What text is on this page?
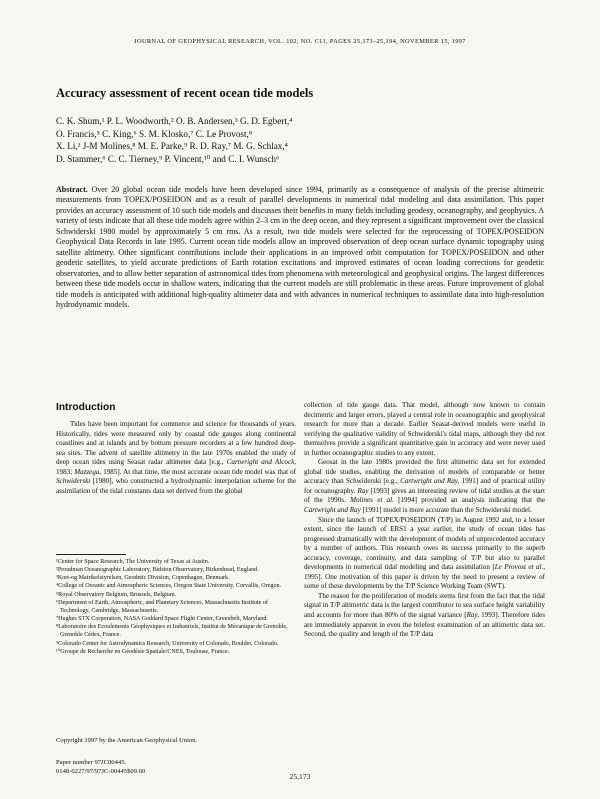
JOURNAL OF GEOPHYSICAL RESEARCH, VOL. 102, NO. C11, PAGES 25,173–25,194, NOVEMBER 15, 1997
Accuracy assessment of recent ocean tide models
C. K. Shum,¹ P. L. Woodworth,² O. B. Andersen,³ G. D. Egbert,⁴
O. Francis,⁵ C. King,⁶ S. M. Klosko,⁷ C. Le Provost,⁸
X. Li,¹ J-M Molines,⁸ M. E. Parke,⁹ R. D. Ray,⁷ M. G. Schlax,⁴
D. Stammer,⁶ C. C. Tierney,⁹ P. Vincent,¹⁰ and C. I. Wunsch⁶
Abstract. Over 20 global ocean tide models have been developed since 1994, primarily as a consequence of analysis of the precise altimetric measurements from TOPEX/POSEIDON and as a result of parallel developments in numerical tidal modeling and data assimilation. This paper provides an accuracy assessment of 10 such tide models and discusses their benefits in many fields including geodesy, oceanography, and geophysics. A variety of tests indicate that all these tide models agree within 2–3 cm in the deep ocean, and they represent a significant improvement over the classical Schwiderski 1980 model by approximately 5 cm rms. As a result, two tide models were selected for the reprocessing of TOPEX/POSEIDON Geophysical Data Records in late 1995. Current ocean tide models allow an improved observation of deep ocean surface dynamic topography using satellite altimetry. Other significant contributions include their applications in an improved orbit computation for TOPEX/POSEIDON and other geodetic satellites, to yield accurate predictions of Earth rotation excitations and improved estimates of ocean loading corrections for geodetic observatories, and to allow better separation of astronomical tides from phenomena with meteorological and geophysical origins. The largest differences between these tide models occur in shallow waters, indicating that the current models are still problematic in these areas. Future improvement of global tide models is anticipated with additional high-quality altimeter data and with advances in numerical techniques to assimilate data into high-resolution hydrodynamic models.
Introduction

Tides have been important for commerce and science for thousands of years. Historically, tides were measured only by coastal tide gauges along continental coastlines and at islands and by bottom pressure recorders at a few hundred deep-sea sites. The advent of satellite altimetry in the late 1970s enabled the study of deep ocean tides using Seasat radar altimeter data [e.g., Cartwright and Alcock, 1983; Mazzega, 1985]. At that time, the most accurate ocean tide model was that of Schwiderski [1980], who constructed a hydrodynamic interpolation scheme for the assimilation of the tidal constants data set derived from the global

¹Center for Space Research, The University of Texas at Austin.

²Proudman Oceanographic Laboratory, Bidston Observatory, Birkenhead, England.

³Kort-og Matrikelstyrelsen, Geodetic Division, Copenhagen, Denmark.

⁴College of Oceanic and Atmospheric Sciences, Oregon State University, Corvallis, Oregon.

⁵Royal Observatory Belgium, Brussels, Belgium.

⁶Department of Earth, Atmospheric, and Planetary Sciences, Massachusetts Institute of Technology, Cambridge, Massachusetts.

⁷Hughes STX Corporation, NASA Goddard Space Flight Center, Greenbelt, Maryland.

⁸Laboratoire des Ecoulements Géophysiques et Industriels, Institut de Mécanique de Grenoble, Grenoble Cédex, France.

⁹Colorado Center for Astrodynamics Research, University of Colorado, Boulder, Colorado.

¹⁰Groupe de Recherche en Géodésie Spatiale/CNES, Toulouse, France.

Copyright 1997 by the American Geophysical Union.
Paper number 97JC00445.
0148-0227/97/97JC-00445$09.00

collection of tide gauge data. That model, although now known to contain decimetric and larger errors, played a central role in oceanographic and geophysical research for more than a decade. Earlier Seasat-derived models were useful in verifying the qualitative validity of Schwiderski's tidal maps, although they did not themselves provide a significant quantitative gain in accuracy and were never used in further oceanographic studies to any extent.

Geosat in the late 1980s provided the first altimetric data set for extended global tide studies, enabling the derivation of models of comparable or better accuracy than Schwiderski [e.g., Cartwright and Ray, 1991] and of practical utility for oceanography. Ray [1993] gives an interesting review of tidal studies at the start of the 1990s. Molines et al. [1994] provided an analysis indicating that the Cartwright and Ray [1991] model is more accurate than the Schwiderski model.

Since the launch of TOPEX/POSEIDON (T/P) in August 1992 and, to a lesser extent, since the launch of ERS1 a year earlier, the study of ocean tides has progressed dramatically with the development of models of unprecedented accuracy by a number of authors. This research owes its success primarily to the superb accuracy, coverage, continuity, and data sampling of T/P but also to parallel developments in numerical tidal modeling and data assimilation [Le Provost et al., 1995]. One motivation of this paper is driven by the need to present a review of some of these developments by the T/P Science Working Team (SWT).

The reason for the proliferation of models stems first from the fact that the tidal signal in T/P altimetric data is the largest contributor to sea surface height variability and accounts for more than 80% of the signal variance [Ray, 1993]. Therefore tides are immediately apparent in even the briefest examination of an altimetric data set. Second, the quality and length of the T/P data

25,173
